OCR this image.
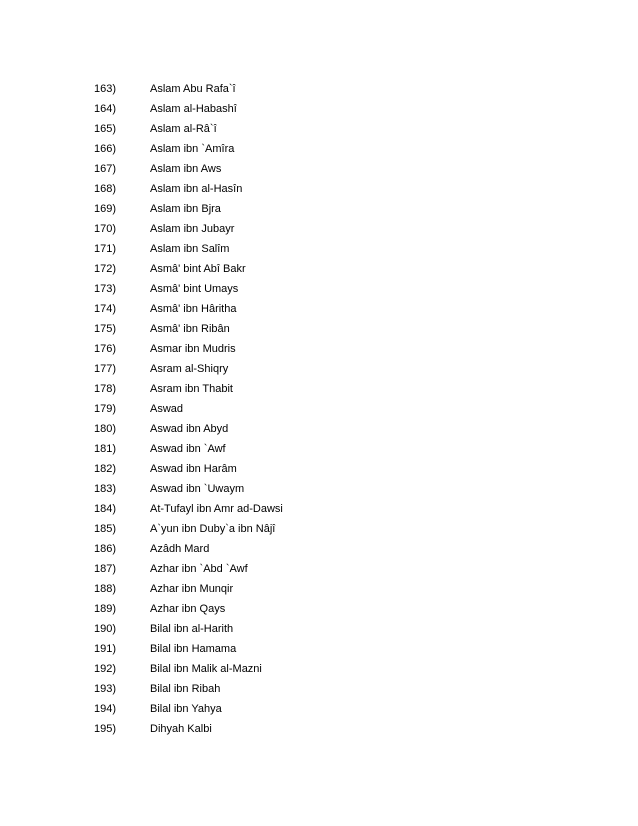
163)	Aslam Abu Rafa`î
164)	Aslam al-Habashî
165)	Aslam al-Râ`î
166)	Aslam ibn `Amîra
167)	Aslam ibn Aws
168)	Aslam ibn al-Hasîn
169)	Aslam ibn Bjra
170)	Aslam ibn Jubayr
171)	Aslam ibn Salîm
172)	Asmâ' bint Abî Bakr
173)	Asmâ' bint Umays
174)	Asmâ' ibn Hâritha
175)	Asmâ' ibn Ribân
176)	Asmar ibn Mudris
177)	Asram al-Shiqry
178)	Asram ibn Thabit
179)	Aswad
180)	Aswad ibn Abyd
181)	Aswad ibn `Awf
182)	Aswad ibn Harâm
183)	Aswad ibn `Uwaym
184)	At-Tufayl ibn Amr ad-Dawsi
185)	A`yun ibn Duby`a ibn Nâjî
186)	Azâdh Mard
187)	Azhar ibn `Abd `Awf
188)	Azhar ibn Munqir
189)	Azhar ibn Qays
190)	Bilal ibn al-Harith
191)	Bilal ibn Hamama
192)	Bilal ibn Malik al-Mazni
193)	Bilal ibn Ribah
194)	Bilal ibn Yahya
195)	Dihyah Kalbi
